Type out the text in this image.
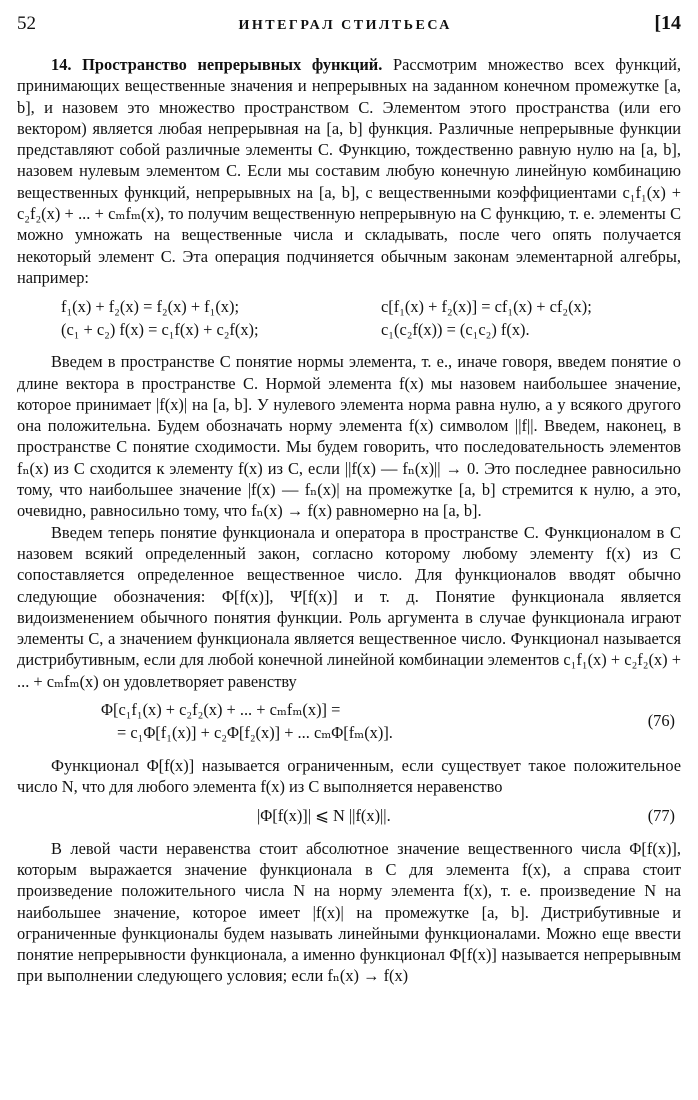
52	ИНТЕГРАЛ СТИЛТЬЕСА	[14

14. Пространство непрерывных функций. Рассмотрим множество всех функций, принимающих вещественные значения и непрерывных на заданном конечном промежутке [a, b], и назовем это множество пространством C. Элементом этого пространства (или его вектором) является любая непрерывная на [a, b] функция. Различные непрерывные функции представляют собой различные элементы C. Функцию, тождественно равную нулю на [a, b], назовем нулевым элементом C. Если мы составим любую конечную линейную комбинацию вещественных функций, непрерывных на [a, b], с вещественными коэффициентами c₁f₁(x) + c₂f₂(x) + ... + cₘfₘ(x), то получим вещественную непрерывную на C функцию, т. е. элементы C можно умножать на вещественные числа и складывать, после чего опять получается некоторый элемент C. Эта операция подчиняется обычным законам элементарной алгебры, например:

f₁(x) + f₂(x) = f₂(x) + f₁(x);	c[f₁(x) + f₂(x)] = cf₁(x) + cf₂(x);
(c₁ + c₂) f(x) = c₁f(x) + c₂f(x);	c₁(c₂f(x)) = (c₁c₂) f(x).

Введем в пространстве C понятие нормы элемента, т. е., иначе говоря, введем понятие о длине вектора в пространстве C. Нормой элемента f(x) мы назовем наибольшее значение, которое принимает |f(x)| на [a, b]. У нулевого элемента норма равна нулю, а у всякого другого она положительна. Будем обозначать норму элемента f(x) символом ||f||. Введем, наконец, в пространстве C понятие сходимости. Мы будем говорить, что последовательность элементов fₙ(x) из C сходится к элементу f(x) из C, если ||f(x) — fₙ(x)|| → 0. Это последнее равносильно тому, что наибольшее значение |f(x) — fₙ(x)| на промежутке [a, b] стремится к нулю, а это, очевидно, равносильно тому, что fₙ(x) → f(x) равномерно на [a, b].

Введем теперь понятие функционала и оператора в пространстве C. Функционалом в C назовем всякий определенный закон, согласно которому любому элементу f(x) из C сопоставляется определенное вещественное число. Для функционалов вводят обычно следующие обозначения: Φ[f(x)], Ψ[f(x)] и т. д. Понятие функционала является видоизменением обычного понятия функции. Роль аргумента в случае функционала играют элементы C, а значением функционала является вещественное число. Функционал называется дистрибутивным, если для любой конечной линейной комбинации элементов c₁f₁(x) + c₂f₂(x) + ... + cₘfₘ(x) он удовлетворяет равенству

Φ[c₁f₁(x) + c₂f₂(x) + ... + cₘfₘ(x)] =
= c₁Φ[f₁(x)] + c₂Φ[f₂(x)] + ... cₘΦ[fₘ(x)].
(76)

Функционал Φ[f(x)] называется ограниченным, если существует такое положительное число N, что для любого элемента f(x) из C выполняется неравенство

|Φ[f(x)]| ⩽ N ||f(x)||.	(77)

В левой части неравенства стоит абсолютное значение вещественного числа Φ[f(x)], которым выражается значение функционала в C для элемента f(x), а справа стоит произведение положительного числа N на норму элемента f(x), т. е. произведение N на наибольшее значение, которое имеет |f(x)| на промежутке [a, b]. Дистрибутивные и ограниченные функционалы будем называть линейными функционалами. Можно еще ввести понятие непрерывности функционала, а именно функционал Φ[f(x)] называется непрерывным при выполнении следующего условия; если fₙ(x) → f(x)
